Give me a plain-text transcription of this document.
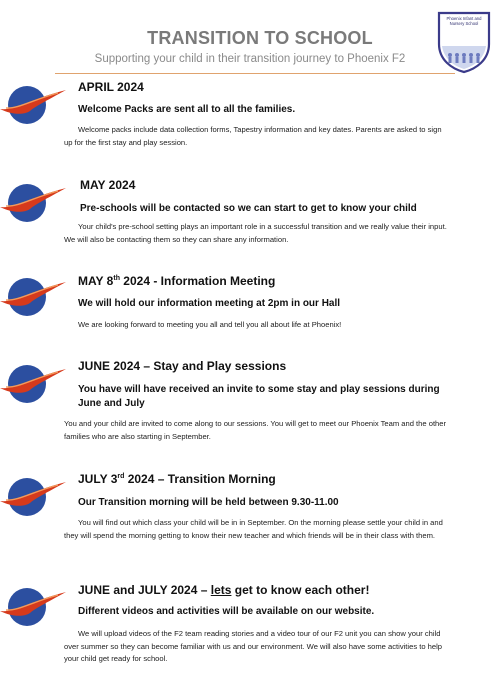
TRANSITION TO SCHOOL
Supporting your child in their transition journey to Phoenix F2
Phoenix Infant and Nursery School
APRIL 2024
Welcome Packs are sent all to all the families.
Welcome packs include data collection forms, Tapestry information and key dates. Parents are asked to sign up for the first stay and play session.
MAY 2024
Pre-schools will be contacted so we can start to get to know your child
Your child's pre-school setting plays an important role in a successful transition and we really value their input. We will also be contacting them so they can share any information.
MAY 8th 2024 - Information Meeting
We will hold our information meeting at 2pm in our Hall
We are looking forward to meeting you all and tell you all about life at Phoenix!
JUNE 2024 – Stay and Play sessions
You have will have received an invite to some stay and play sessions during June and July
You and your child are invited to come along to our sessions. You will get to meet our Phoenix Team and the other families who are also starting in September.
JULY 3rd 2024 – Transition Morning
Our Transition morning will be held between 9.30-11.00
You will find out which class your child will be in in September. On the morning please settle your child in and they will spend the morning getting to know their new teacher and which friends will be in their class with them.
JUNE and JULY 2024 – lets get to know each other!
Different videos and activities will be available on our website.
We will upload videos of the F2 team reading stories and a video tour of our F2 unit you can show your child over summer so they can become familiar with us and our environment. We will also have some activities to help your child get ready for school.
